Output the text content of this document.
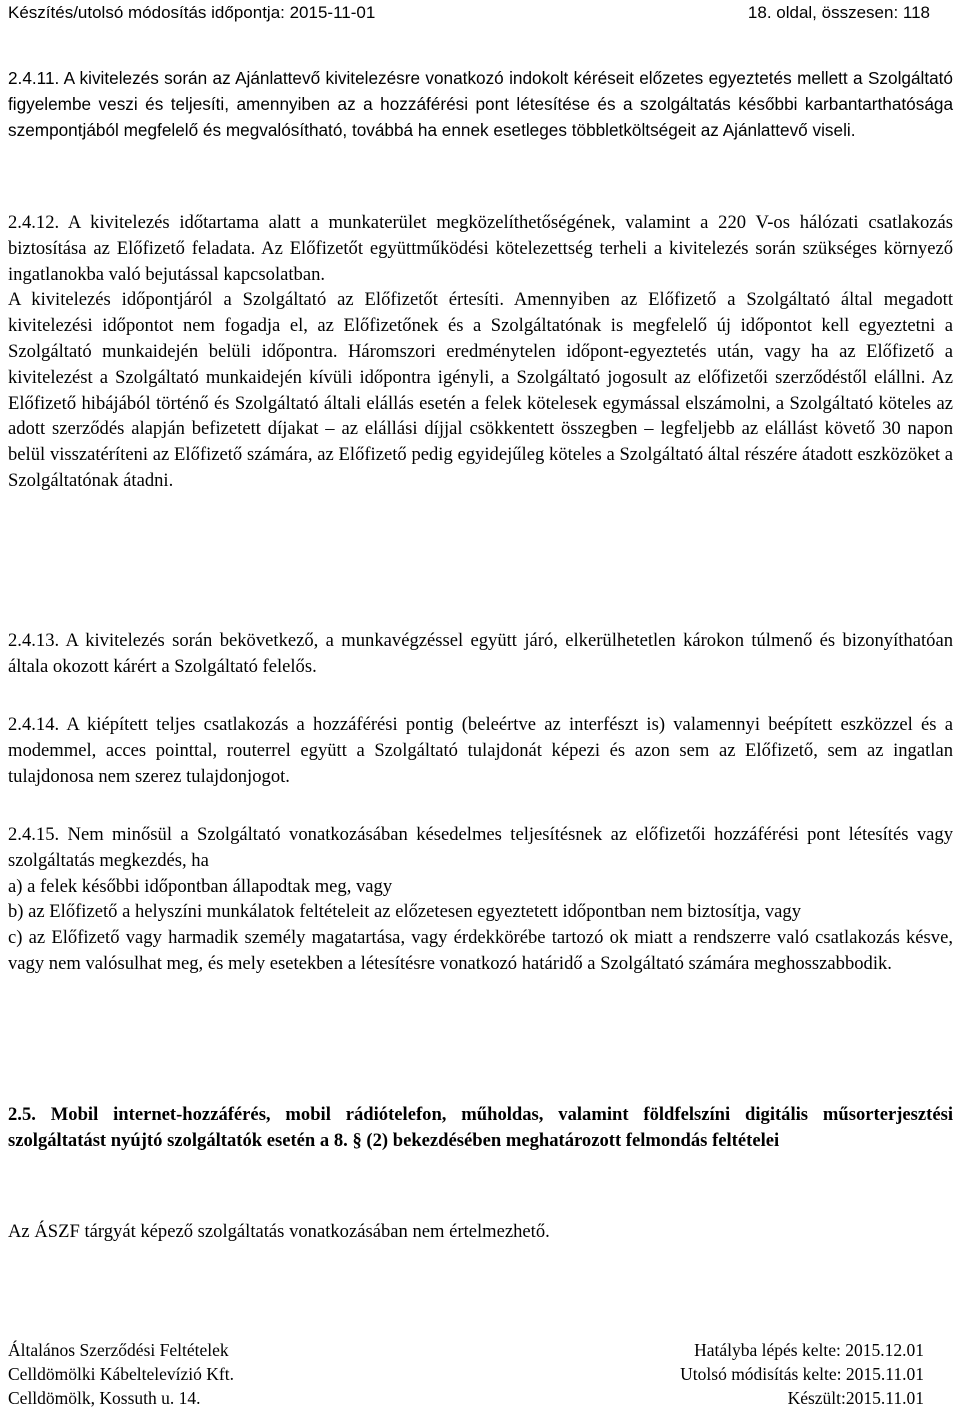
Készítés/utolsó módosítás időpontja: 2015-11-01	18. oldal, összesen: 118

2.4.11. A kivitelezés során az Ajánlattevő kivitelezésre vonatkozó indokolt kéréseit előzetes egyeztetés mellett a Szolgáltató figyelembe veszi és teljesíti, amennyiben az a hozzáférési pont létesítése és a szolgáltatás későbbi karbantarthatósága szempontjából megfelelő és megvalósítható, továbbá ha ennek esetleges többletköltségeit az Ajánlattevő viseli.

2.4.12. A kivitelezés időtartama alatt a munkaterület megközelíthetőségének, valamint a 220 V-os hálózati csatlakozás biztosítása az Előfizető feladata. Az Előfizetőt együttműködési kötelezettség terheli a kivitelezés során szükséges környező ingatlanokba való bejutással kapcsolatban.

A kivitelezés időpontjáról a Szolgáltató az Előfizetőt értesíti. Amennyiben az Előfizető a Szolgáltató által megadott kivitelezési időpontot nem fogadja el, az Előfizetőnek és a Szolgáltatónak is megfelelő új időpontot kell egyeztetni a Szolgáltató munkaidején belüli időpontra. Háromszori eredménytelen időpont-egyeztetés után, vagy ha az Előfizető a kivitelezést a Szolgáltató munkaidején kívüli időpontra igényli, a Szolgáltató jogosult az előfizetői szerződéstől elállni. Az Előfizető hibájából történő és Szolgáltató általi elállás esetén a felek kötelesek egymással elszámolni, a Szolgáltató köteles az adott szerződés alapján befizetett díjakat – az elállási díjjal csökkentett összegben – legfeljebb az elállást követő 30 napon belül visszatéríteni az Előfizető számára, az Előfizető pedig egyidejűleg köteles a Szolgáltató által részére átadott eszközöket a Szolgáltatónak átadni.

2.4.13. A kivitelezés során bekövetkező, a munkavégzéssel együtt járó, elkerülhetetlen károkon túlmenő és bizonyíthatóan általa okozott kárért a Szolgáltató felelős.

2.4.14. A kiépített teljes csatlakozás a hozzáférési pontig (beleértve az interfészt is) valamennyi beépített eszközzel és a modemmel, acces pointtal, routerrel együtt a Szolgáltató tulajdonát képezi és azon sem az Előfizető, sem az ingatlan tulajdonosa nem szerez tulajdonjogot.

2.4.15. Nem minősül a Szolgáltató vonatkozásában késedelmes teljesítésnek az előfizetői hozzáférési pont létesítés vagy szolgáltatás megkezdés, ha

a) a felek későbbi időpontban állapodtak meg, vagy

b) az Előfizető a helyszíni munkálatok feltételeit az előzetesen egyeztetett időpontban nem biztosítja, vagy

c) az Előfizető vagy harmadik személy magatartása, vagy érdekkörébe tartozó ok miatt a rendszerre való csatlakozás késve, vagy nem valósulhat meg, és mely esetekben a létesítésre vonatkozó határidő a Szolgáltató számára meghosszabbodik.

2.5. Mobil internet-hozzáférés, mobil rádiótelefon, műholdas, valamint földfelszíni digitális műsorterjesztési szolgáltatást nyújtó szolgáltatók esetén a 8. § (2) bekezdésében meghatározott felmondás feltételei

Az ÁSZF tárgyát képező szolgáltatás vonatkozásában nem értelmezhető.

Általános Szerződési Feltételek	Hatályba lépés kelte: 2015.12.01
Celldömölki Kábeltelevízió Kft.	Utolsó módisítás kelte: 2015.11.01
Celldömölk, Kossuth u. 14.	Készült:2015.11.01
